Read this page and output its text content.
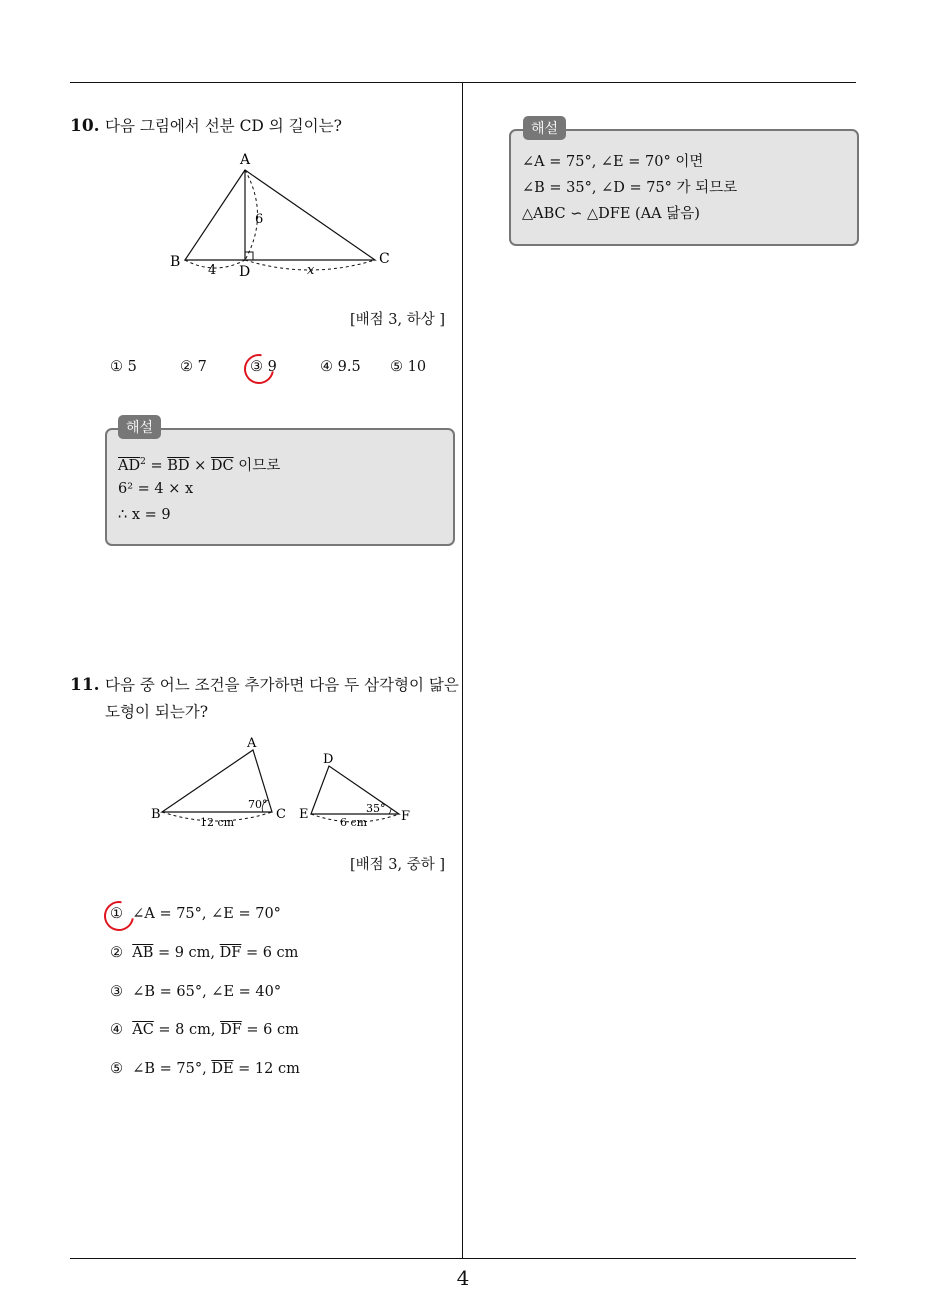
4
10. 다음 그림에서 선분 CD 의 길이는?
A
B	C
D
6
4	x
[배점 3, 하상 ]
① 5	② 7	③ 9	④ 9.5 ⑤ 10
해설
$\overline{AD}^2 = \overline{BD} \times \overline{DC}$ 이므로
6² = 4 × x
∴ x = 9
11. 다음 중 어느 조건을 추가하면 다음 두 삼각형이 닮은
도형이 되는가?
A
B	C
70°
12 cm
D
E	F
35°
6 cm
[배점 3, 중하 ]
① ∠A = 75°, ∠E = 70°
② $\overline{AB} = 9$ cm, $\overline{DF} = 6$ cm
③ ∠B = 65°, ∠E = 40°
④ $\overline{AC} = 8$ cm, $\overline{DF} = 6$ cm
⑤ ∠B = 75°, $\overline{DE} = 12$ cm
해설
∠A = 75°, ∠E = 70° 이면
∠B = 35°, ∠D = 75° 가 되므로
△ABC ∽ △DFE (AA 닮음)
